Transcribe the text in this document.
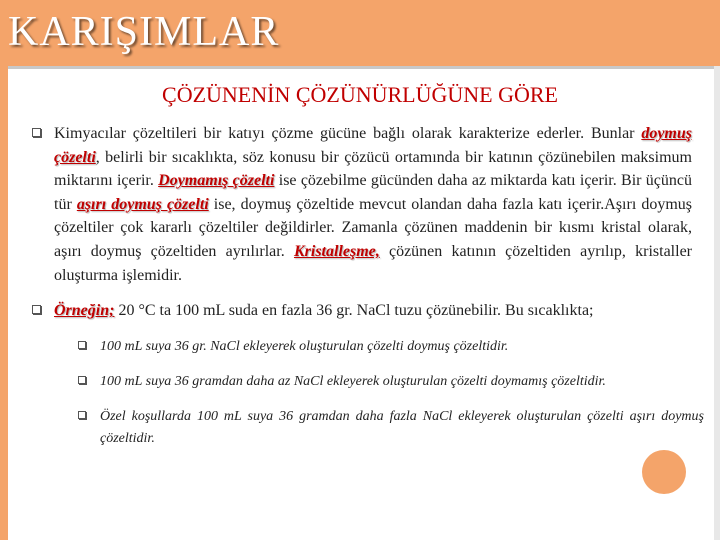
KARIŞIMLAR
ÇÖZÜNENİN ÇÖZÜNÜRLÜĞÜNE GÖRE
Kimyacılar çözeltileri bir katıyı çözme gücüne bağlı olarak karakterize ederler. Bunlar doymuş çözelti, belirli bir sıcaklıkta, söz konusu bir çözücü ortamında bir katının çözünebilen maksimum miktarını içerir. Doymamış çözelti ise çözebilme gücünden daha az miktarda katı içerir. Bir üçüncü tür aşırı doymuş çözelti ise, doymuş çözeltide mevcut olandan daha fazla katı içerir.Aşırı doymuş çözeltiler çok kararlı çözeltiler değildirler. Zamanla çözünen maddenin bir kısmı kristal olarak, aşırı doymuş çözeltiden ayrılırlar. Kristalleşme, çözünen katının çözeltiden ayrılıp, kristaller oluşturma işlemidir.
Örneğin; 20 °C ta 100 mL suda en fazla 36 gr. NaCl tuzu çözünebilir. Bu sıcaklıkta;
100 mL suya 36 gr. NaCl ekleyerek oluşturulan çözelti doymuş çözeltidir.
100 mL suya 36 gramdan daha az NaCl ekleyerek oluşturulan çözelti doymamış çözeltidir.
Özel koşullarda 100 mL suya 36 gramdan daha fazla NaCl ekleyerek oluşturulan çözelti aşırı doymuş çözeltidir.
